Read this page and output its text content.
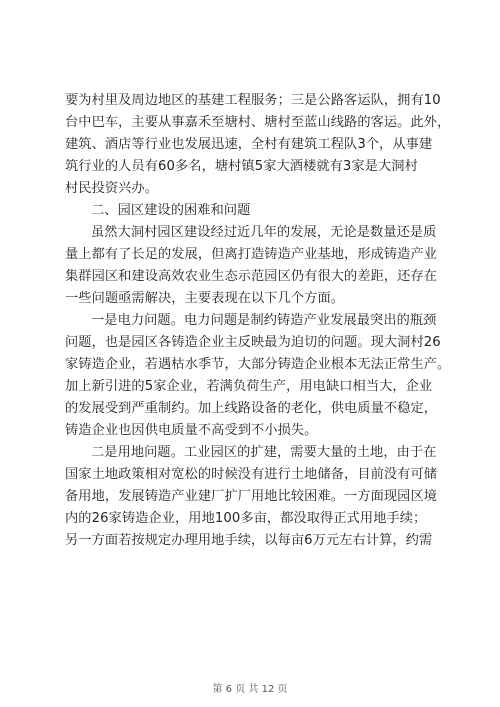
要为村里及周边地区的基建工程服务；三是公路客运队，拥有10
台中巴车，主要从事嘉禾至塘村、塘村至蓝山线路的客运。此外，
建筑、酒店等行业也发展迅速，全村有建筑工程队3个，从事建
筑行业的人员有60多名，塘村镇5家大酒楼就有3家是大洞村
村民投资兴办。
二、园区建设的困难和问题
虽然大洞村园区建设经过近几年的发展，无论是数量还是质
量上都有了长足的发展，但离打造铸造产业基地，形成铸造产业
集群园区和建设高效农业生态示范园区仍有很大的差距，还存在
一些问题亟需解决，主要表现在以下几个方面。
一是电力问题。电力问题是制约铸造产业发展最突出的瓶颈
问题，也是园区各铸造企业主反映最为迫切的问题。现大洞村26
家铸造企业，若遇枯水季节，大部分铸造企业根本无法正常生产。
加上新引进的5家企业，若满负荷生产，用电缺口相当大，企业
的发展受到严重制约。加上线路设备的老化，供电质量不稳定，
铸造企业也因供电质量不高受到不小损失。
二是用地问题。工业园区的扩建，需要大量的土地，由于在
国家土地政策相对宽松的时候没有进行土地储备，目前没有可储
备用地，发展铸造产业建厂扩厂用地比较困难。一方面现园区境
内的26家铸造企业，用地100多亩，都没取得正式用地手续；
另一方面若按规定办理用地手续，以每亩6万元左右计算，约需
第 6 页 共 12 页
